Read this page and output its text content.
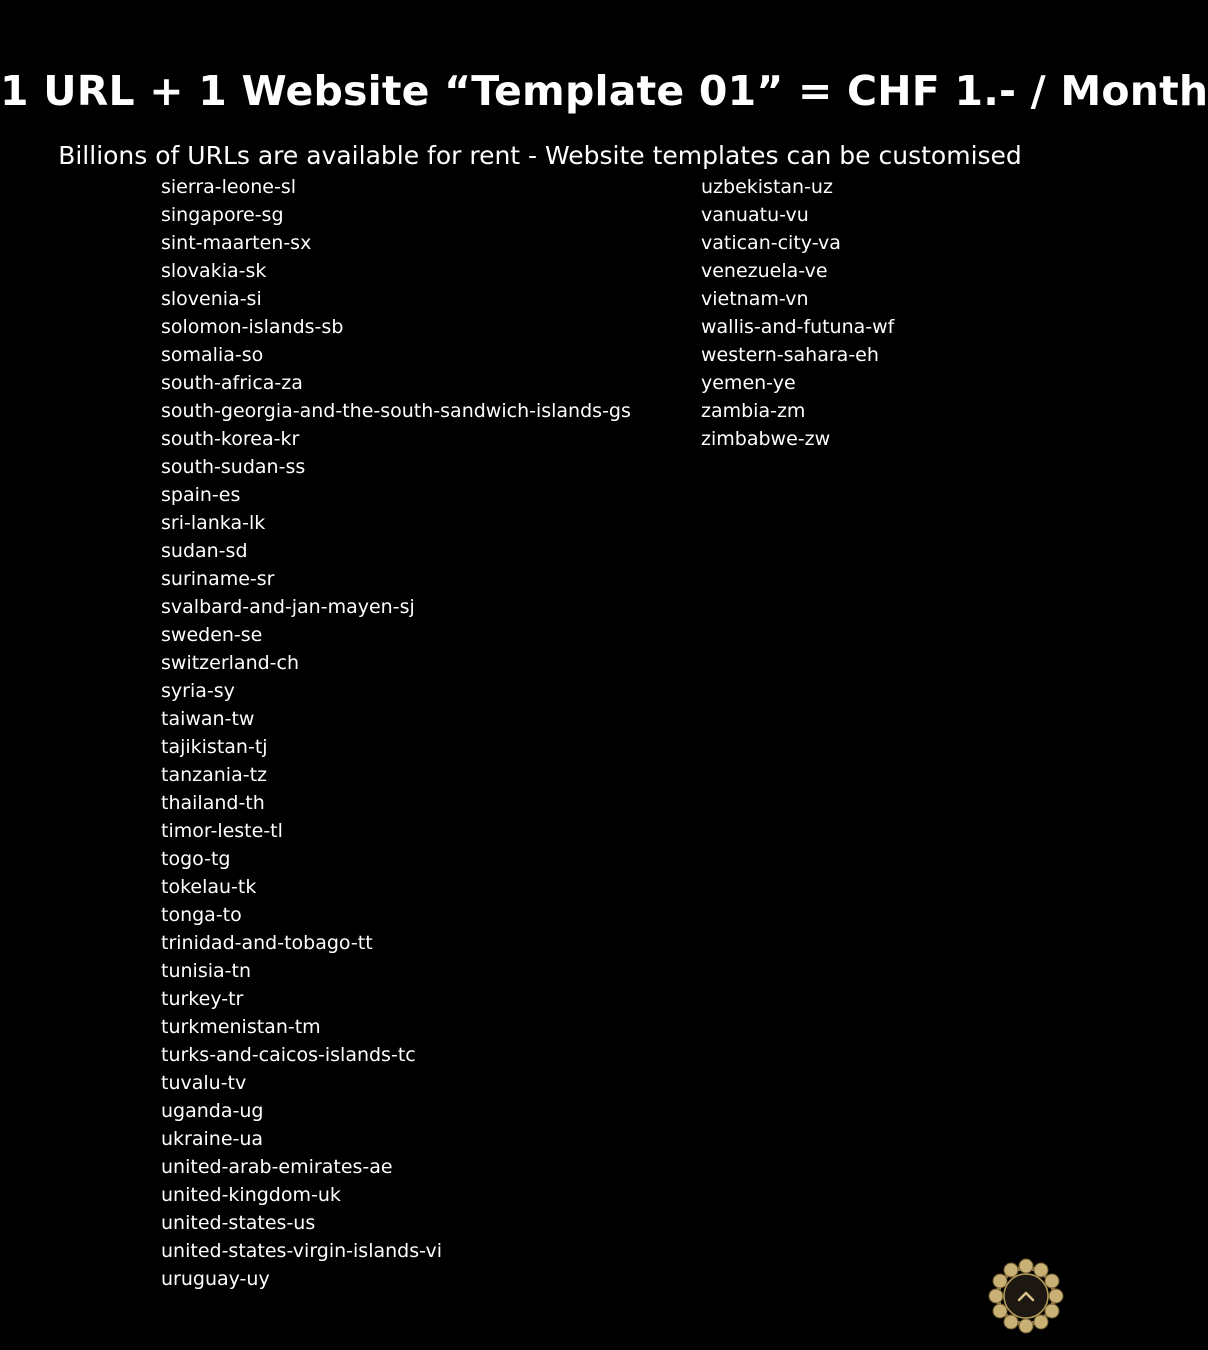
1 URL + 1 Website “Template 01” = CHF 1.- / Month

Billions of URLs are available for rent - Website templates can be customised

sierra-leone-sl
singapore-sg
sint-maarten-sx
slovakia-sk
slovenia-si
solomon-islands-sb
somalia-so
south-africa-za
south-georgia-and-the-south-sandwich-islands-gs
south-korea-kr
south-sudan-ss
spain-es
sri-lanka-lk
sudan-sd
suriname-sr
svalbard-and-jan-mayen-sj
sweden-se
switzerland-ch
syria-sy
taiwan-tw
tajikistan-tj
tanzania-tz
thailand-th
timor-leste-tl
togo-tg
tokelau-tk
tonga-to
trinidad-and-tobago-tt
tunisia-tn
turkey-tr
turkmenistan-tm
turks-and-caicos-islands-tc
tuvalu-tv
uganda-ug
ukraine-ua
united-arab-emirates-ae
united-kingdom-uk
united-states-us
united-states-virgin-islands-vi
uruguay-uy
uzbekistan-uz
vanuatu-vu
vatican-city-va
venezuela-ve
vietnam-vn
wallis-and-futuna-wf
western-sahara-eh
yemen-ye
zambia-zm
zimbabwe-zw
